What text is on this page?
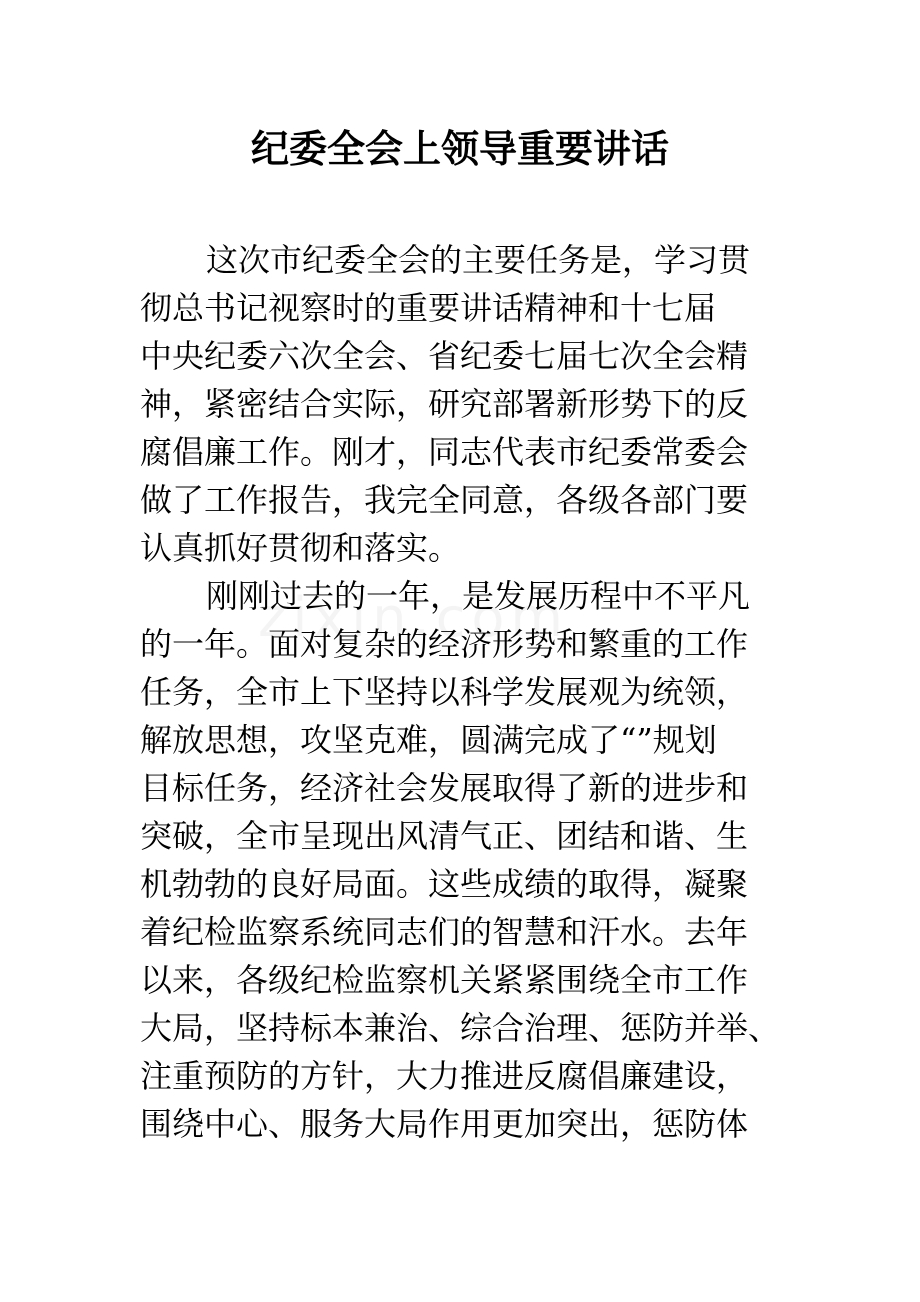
纪委全会上领导重要讲话
这次市纪委全会的主要任务是，学习贯
彻总书记视察时的重要讲话精神和十七届
中央纪委六次全会、省纪委七届七次全会精
神，紧密结合实际，研究部署新形势下的反
腐倡廉工作。刚才，同志代表市纪委常委会
做了工作报告，我完全同意，各级各部门要
认真抓好贯彻和落实。
刚刚过去的一年，是发展历程中不平凡
的一年。面对复杂的经济形势和繁重的工作
任务，全市上下坚持以科学发展观为统领，
解放思想，攻坚克难，圆满完成了“”规划
目标任务，经济社会发展取得了新的进步和
突破，全市呈现出风清气正、团结和谐、生
机勃勃的良好局面。这些成绩的取得，凝聚
着纪检监察系统同志们的智慧和汗水。去年
以来，各级纪检监察机关紧紧围绕全市工作
大局，坚持标本兼治、综合治理、惩防并举、
注重预防的方针，大力推进反腐倡廉建设，
围绕中心、服务大局作用更加突出，惩防体
